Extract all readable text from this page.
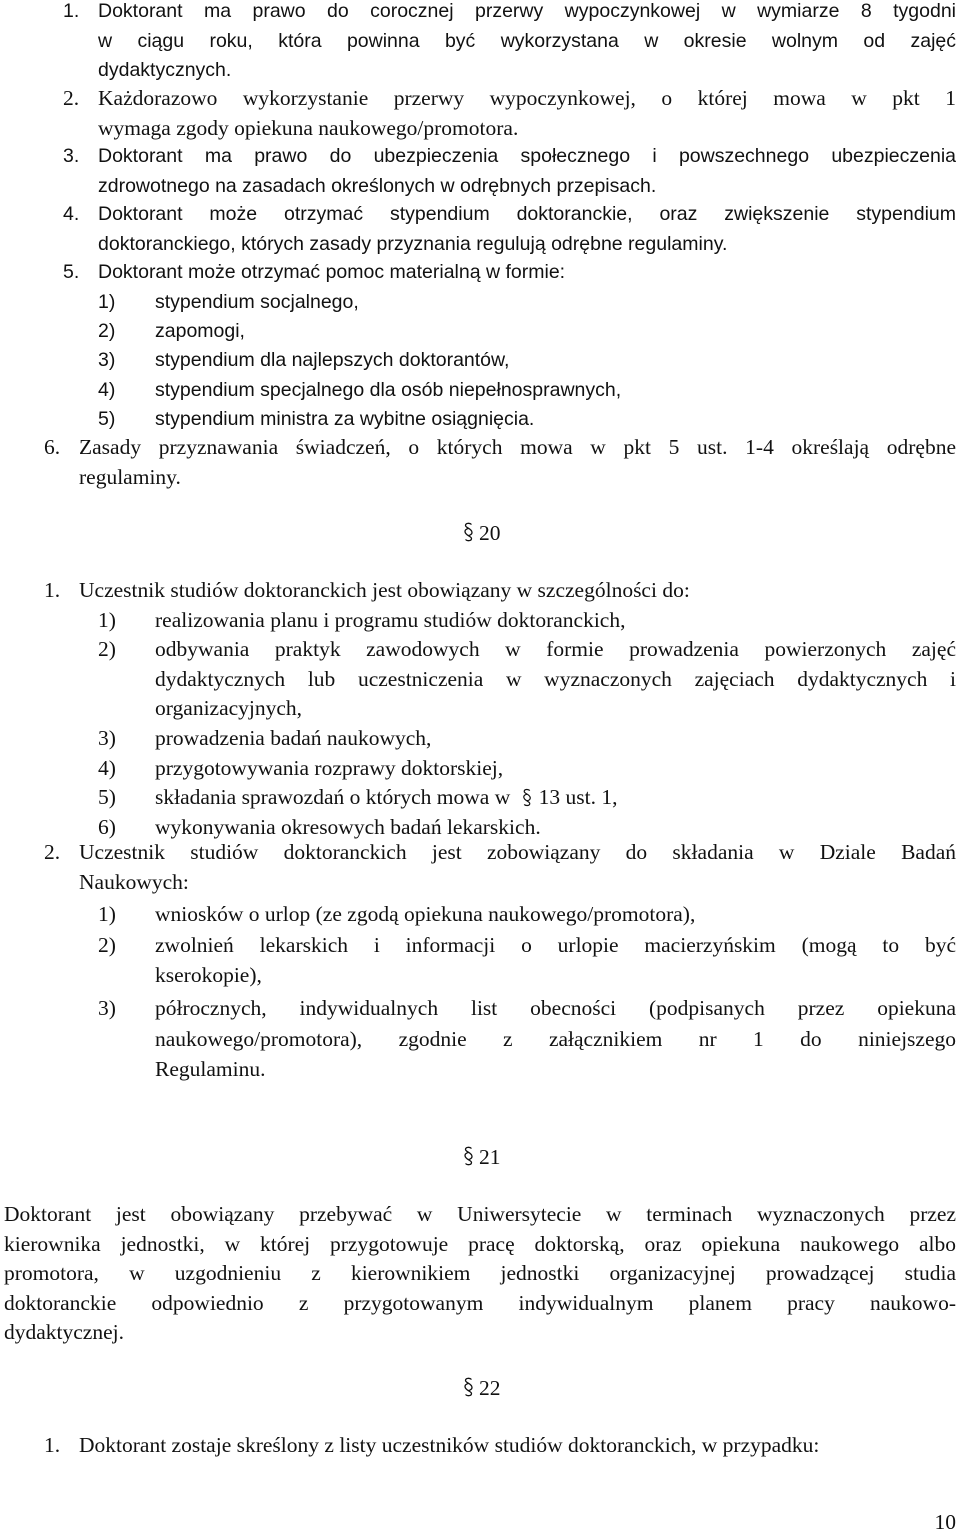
1. Doktorant ma prawo do corocznej przerwy wypoczynkowej w wymiarze 8 tygodni
w ciągu roku, która powinna być wykorzystana w okresie wolnym od zajęć
dydaktycznych.
2. Każdorazowo wykorzystanie przerwy wypoczynkowej, o której mowa w pkt 1
wymaga zgody opiekuna naukowego/promotora.
3. Doktorant ma prawo do ubezpieczenia społecznego i powszechnego ubezpieczenia
zdrowotnego na zasadach określonych w odrębnych przepisach.
4. Doktorant może otrzymać stypendium doktoranckie, oraz zwiększenie stypendium
doktoranckiego, których zasady przyznania regulują odrębne regulaminy.
5. Doktorant może otrzymać pomoc materialną w formie:
1) stypendium socjalnego,
2) zapomogi,
3) stypendium dla najlepszych doktorantów,
4) stypendium specjalnego dla osób niepełnosprawnych,
5) stypendium ministra za wybitne osiągnięcia.
6. Zasady przyznawania świadczeń, o których mowa w pkt 5 ust. 1-4 określają odrębne
regulaminy.
20
1. Uczestnik studiów doktoranckich jest obowiązany w szczególności do:
1) realizowania planu i programu studiów doktoranckich,
2) odbywania praktyk zawodowych w formie prowadzenia powierzonych zajęć
dydaktycznych lub uczestniczenia w wyznaczonych zajęciach dydaktycznych i
organizacyjnych,
3) prowadzenia badań naukowych,
4) przygotowywania rozprawy doktorskiej,
5) składania sprawozdań o których mowa w 13 ust. 1,
6) wykonywania okresowych badań lekarskich.
2. Uczestnik studiów doktoranckich jest zobowiązany do składania w Dziale Badań
Naukowych:
1) wniosków o urlop (ze zgodą opiekuna naukowego/promotora),
2) zwolnień lekarskich i informacji o urlopie macierzyńskim (mogą to być
kserokopie),
3) półrocznych, indywidualnych list obecności (podpisanych przez opiekuna
naukowego/promotora), zgodnie z załącznikiem nr 1 do niniejszego
Regulaminu.
21
Doktorant jest obowiązany przebywać w Uniwersytecie w terminach wyznaczonych przez
kierownika jednostki, w której przygotowuje pracę doktorską, oraz opiekuna naukowego albo
promotora, w uzgodnieniu z kierownikiem jednostki organizacyjnej prowadzącej studia
doktoranckie odpowiednio z przygotowanym indywidualnym planem pracy naukowo-
dydaktycznej.
22
1. Doktorant zostaje skreślony z listy uczestników studiów doktoranckich, w przypadku:
10
